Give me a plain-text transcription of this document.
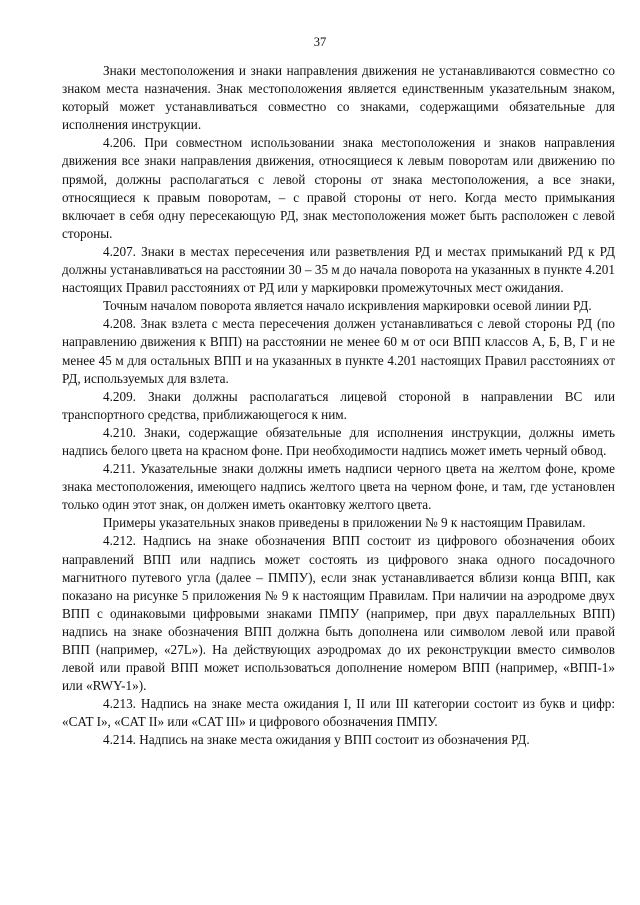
37

Знаки местоположения и знаки направления движения не устанавливаются совместно со знаком места назначения. Знак местоположения является единственным указательным знаком, который может устанавливаться совместно со знаками, содержащими обязательные для исполнения инструкции.

4.206. При совместном использовании знака местоположения и знаков направления движения все знаки направления движения, относящиеся к левым поворотам или движению по прямой, должны располагаться с левой стороны от знака местоположения, а все знаки, относящиеся к правым поворотам, – с правой стороны от него. Когда место примыкания включает в себя одну пересекающую РД, знак местоположения может быть расположен с левой стороны.

4.207. Знаки в местах пересечения или разветвления РД и местах примыканий РД к РД должны устанавливаться на расстоянии 30 – 35 м до начала поворота на указанных в пункте 4.201 настоящих Правил расстояниях от РД или у маркировки промежуточных мест ожидания.

Точным началом поворота является начало искривления маркировки осевой линии РД.

4.208. Знак взлета с места пересечения должен устанавливаться с левой стороны РД (по направлению движения к ВПП) на расстоянии не менее 60 м от оси ВПП классов А, Б, В, Г и не менее 45 м для остальных ВПП и на указанных в пункте 4.201 настоящих Правил расстояниях от РД, используемых для взлета.

4.209. Знаки должны располагаться лицевой стороной в направлении ВС или транспортного средства, приближающегося к ним.

4.210. Знаки, содержащие обязательные для исполнения инструкции, должны иметь надпись белого цвета на красном фоне. При необходимости надпись может иметь черный обвод.

4.211. Указательные знаки должны иметь надписи черного цвета на желтом фоне, кроме знака местоположения, имеющего надпись желтого цвета на черном фоне, и там, где установлен только один этот знак, он должен иметь окантовку желтого цвета.

Примеры указательных знаков приведены в приложении № 9 к настоящим Правилам.

4.212. Надпись на знаке обозначения ВПП состоит из цифрового обозначения обоих направлений ВПП или надпись может состоять из цифрового знака одного посадочного магнитного путевого угла (далее – ПМПУ), если знак устанавливается вблизи конца ВПП, как показано на рисунке 5 приложения № 9 к настоящим Правилам. При наличии на аэродроме двух ВПП с одинаковыми цифровыми знаками ПМПУ (например, при двух параллельных ВПП) надпись на знаке обозначения ВПП должна быть дополнена или символом левой или правой ВПП (например, «27L»). На действующих аэродромах до их реконструкции вместо символов левой или правой ВПП может использоваться дополнение номером ВПП (например, «ВПП-1» или «RWY-1»).

4.213. Надпись на знаке места ожидания I, II или III категории состоит из букв и цифр: «CAT I», «CAT II» или «CAT III» и цифрового обозначения ПМПУ.

4.214. Надпись на знаке места ожидания у ВПП состоит из обозначения РД.
